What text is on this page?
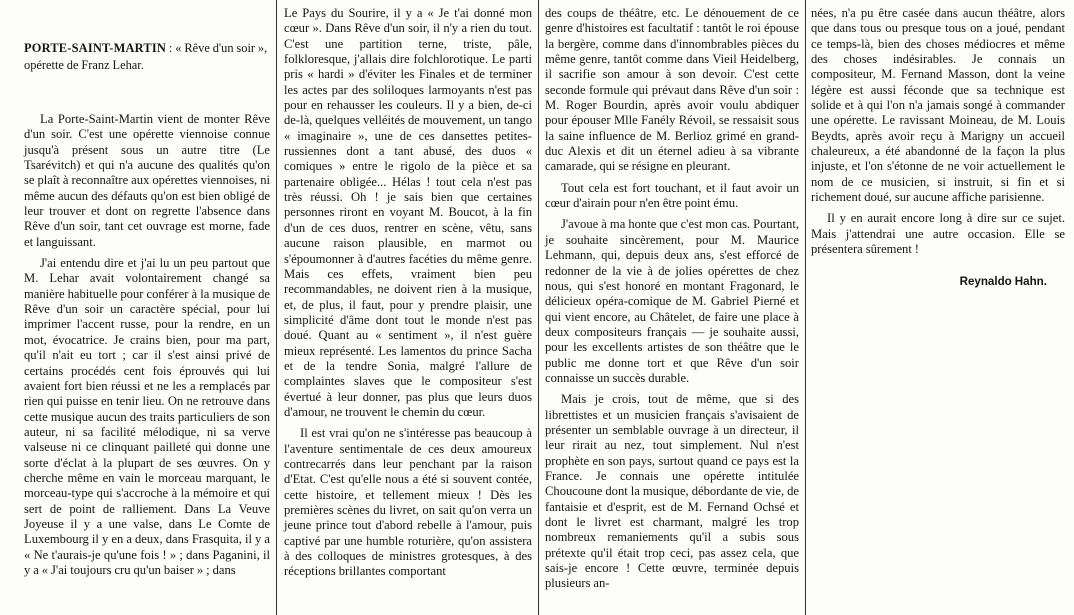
PORTE-SAINT-MARTIN : « Rêve d'un soir », opérette de Franz Lehar.

La Porte-Saint-Martin vient de monter Rêve d'un soir. C'est une opérette viennoise connue jusqu'à présent sous un autre titre (Le Tsarévitch) et qui n'a aucune des qualités qu'on se plaît à reconnaître aux opérettes viennoises, ni même aucun des défauts qu'on est bien obligé de leur trouver et dont on regrette l'absence dans Rêve d'un soir, tant cet ouvrage est morne, fade et languissant.

J'ai entendu dire et j'ai lu un peu partout que M. Lehar avait volontairement changé sa manière habituelle pour conférer à la musique de Rêve d'un soir un caractère spécial, pour lui imprimer l'accent russe, pour la rendre, en un mot, évocatrice. Je crains bien, pour ma part, qu'il n'ait eu tort ; car il s'est ainsi privé de certains procédés cent fois éprouvés qui lui avaient fort bien réussi et ne les a remplacés par rien qui puisse en tenir lieu. On ne retrouve dans cette musique aucun des traits particuliers de son auteur, ni sa facilité mélodique, ni sa verve valseuse ni ce clinquant pailleté qui donne une sorte d'éclat à la plupart de ses œuvres. On y cherche même en vain le morceau marquant, le morceau-type qui s'accroche à la mémoire et qui sert de point de ralliement. Dans La Veuve Joyeuse il y a une valse, dans Le Comte de Luxembourg il y en a deux, dans Frasquita, il y a « Ne t'aurais-je qu'une fois ! » ; dans Paganini, il y a « J'ai toujours cru qu'un baiser » ; dans

Le Pays du Sourire, il y a « Je t'ai donné mon cœur ». Dans Rêve d'un soir, il n'y a rien du tout. C'est une partition terne, triste, pâle, folkloresque, j'allais dire folchlorotique. Le parti pris « hardi » d'éviter les Finales et de terminer les actes par des soliloques larmoyants n'est pas pour en rehausser les couleurs. Il y a bien, de-ci de-là, quelques velléités de mouvement, un tango « imaginaire », une de ces dansettes petites-russiennes dont a tant abusé, des duos « comiques » entre le rigolo de la pièce et sa partenaire obligée... Hélas ! tout cela n'est pas très réussi. Oh ! je sais bien que certaines personnes riront en voyant M. Boucot, à la fin d'un de ces duos, rentrer en scène, vêtu, sans aucune raison plausible, en marmot ou s'époumonner à d'autres facéties du même genre. Mais ces effets, vraiment bien peu recommandables, ne doivent rien à la musique, et, de plus, il faut, pour y prendre plaisir, une simplicité d'âme dont tout le monde n'est pas doué. Quant au « sentiment », il n'est guère mieux représenté. Les lamentos du prince Sacha et de la tendre Sonia, malgré l'allure de complaintes slaves que le compositeur s'est évertué à leur donner, pas plus que leurs duos d'amour, ne trouvent le chemin du cœur.

Il est vrai qu'on ne s'intéresse pas beaucoup à l'aventure sentimentale de ces deux amoureux contrecarrés dans leur penchant par la raison d'Etat. C'est qu'elle nous a été si souvent contée, cette histoire, et tellement mieux ! Dès les premières scènes du livret, on sait qu'on verra un jeune prince tout d'abord rebelle à l'amour, puis captivé par une humble roturière, qu'on assistera à des colloques de ministres grotesques, à des réceptions brillantes comportant

des coups de théâtre, etc. Le dénouement de ce genre d'histoires est facultatif : tantôt le roi épouse la bergère, comme dans d'innombrables pièces du même genre, tantôt comme dans Vieil Heidelberg, il sacrifie son amour à son devoir. C'est cette seconde formule qui prévaut dans Rêve d'un soir : M. Roger Bourdin, après avoir voulu abdiquer pour épouser Mlle Fanély Révoil, se ressaisit sous la saine influence de M. Berlioz grimé en grand-duc Alexis et dit un éternel adieu à sa vibrante camarade, qui se résigne en pleurant.

Tout cela est fort touchant, et il faut avoir un cœur d'airain pour n'en être point ému.

J'avoue à ma honte que c'est mon cas. Pourtant, je souhaite sincèrement, pour M. Maurice Lehmann, qui, depuis deux ans, s'est efforcé de redonner de la vie à de jolies opérettes de chez nous, qui s'est honoré en montant Fragonard, le délicieux opéra-comique de M. Gabriel Pierné et qui vient encore, au Châtelet, de faire une place à deux compositeurs français — je souhaite aussi, pour les excellents artistes de son théâtre que le public me donne tort et que Rêve d'un soir connaisse un succès durable.

Mais je crois, tout de même, que si des librettistes et un musicien français s'avisaient de présenter un semblable ouvrage à un directeur, il leur rirait au nez, tout simplement. Nul n'est prophète en son pays, surtout quand ce pays est la France. Je connais une opérette intitulée Choucoune dont la musique, débordante de vie, de fantaisie et d'esprit, est de M. Fernand Ochsé et dont le livret est charmant, malgré les trop nombreux remaniements qu'il a subis sous prétexte qu'il était trop ceci, pas assez cela, que sais-je encore ! Cette œuvre, terminée depuis plusieurs an-

nées, n'a pu être casée dans aucun théâtre, alors que dans tous ou presque tous on a joué, pendant ce temps-là, bien des choses médiocres et même des choses indésirables. Je connais un compositeur, M. Fernand Masson, dont la veine légère est aussi féconde que sa technique est solide et à qui l'on n'a jamais songé à commander une opérette. Le ravissant Moineau, de M. Louis Beydts, après avoir reçu à Marigny un accueil chaleureux, a été abandonné de la façon la plus injuste, et l'on s'étonne de ne voir actuellement le nom de ce musicien, si instruit, si fin et si richement doué, sur aucune affiche parisienne.

Il y en aurait encore long à dire sur ce sujet. Mais j'attendrai une autre occasion. Elle se présentera sûrement !

Reynaldo Hahn.
